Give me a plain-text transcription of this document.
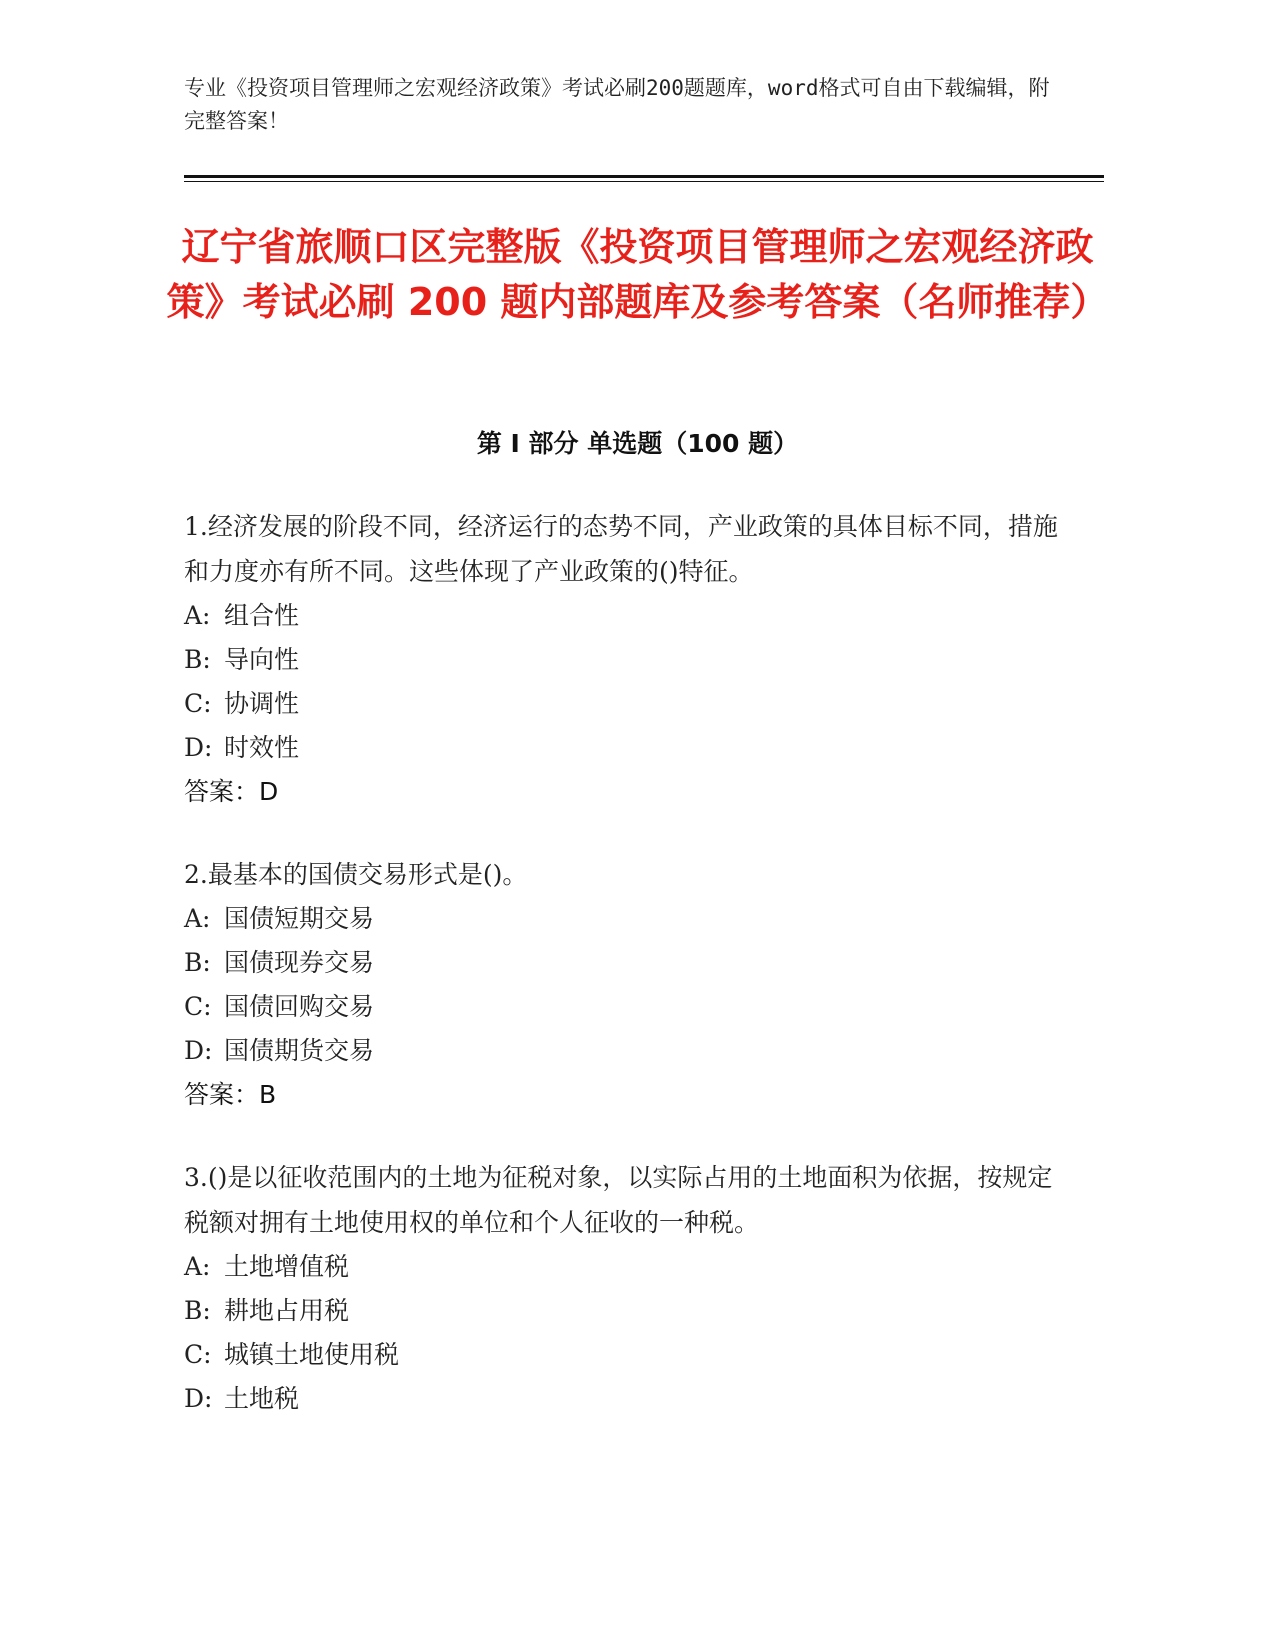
专业《投资项目管理师之宏观经济政策》考试必刷200题题库，word格式可自由下载编辑，附完整答案！
辽宁省旅顺口区完整版《投资项目管理师之宏观经济政策》考试必刷 200 题内部题库及参考答案（名师推荐）
第 I 部分 单选题（100 题）

1.经济发展的阶段不同，经济运行的态势不同，产业政策的具体目标不同，措施和力度亦有所不同。这些体现了产业政策的()特征。

A: 组合性

B: 导向性

C: 协调性

D: 时效性

答案：D

2.最基本的国债交易形式是()。

A: 国债短期交易

B: 国债现券交易

C: 国债回购交易

D: 国债期货交易

答案：B

3.()是以征收范围内的土地为征税对象，以实际占用的土地面积为依据，按规定税额对拥有土地使用权的单位和个人征收的一种税。

A: 土地增值税

B: 耕地占用税

C: 城镇土地使用税

D: 土地税
